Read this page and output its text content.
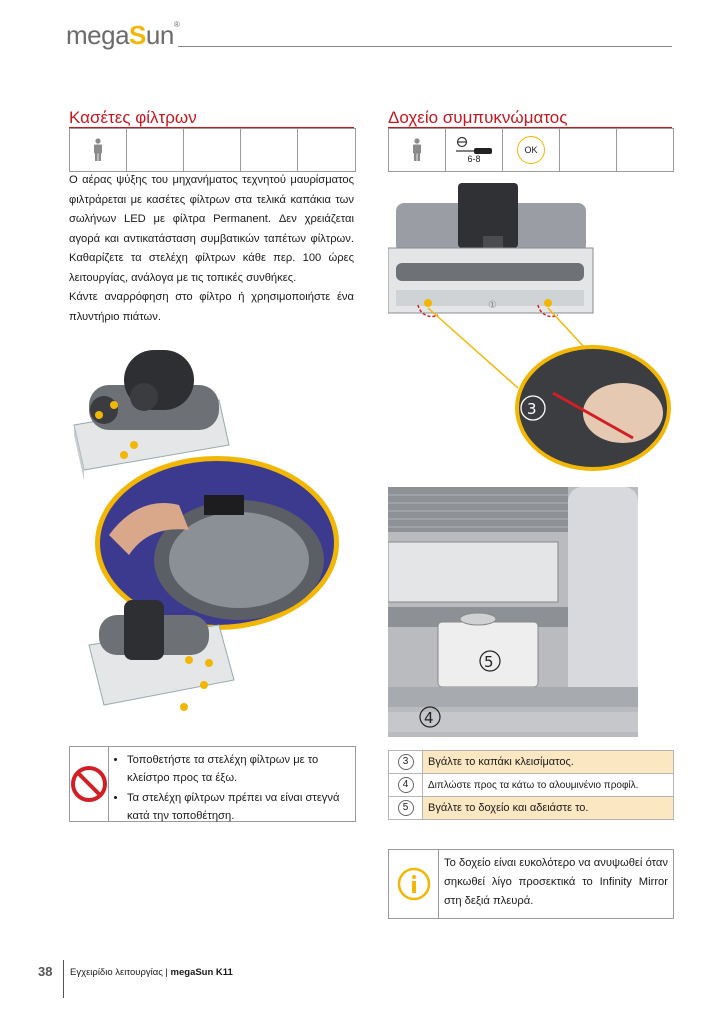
megaSun®
Κασέτες φίλτρων

Ο αέρας ψύξης του μηχανήματος τεχνητού μαυρίσματος φιλτράρεται με κασέτες φίλτρων στα τελικά καπάκια των σωλήνων LED με φίλτρα Permanent. Δεν χρειάζεται αγορά και αντικατάσταση συμβατικών ταπέτων φίλτρων. Καθαρίζετε τα στελέχη φίλτρων κάθε περ. 100 ώρες λειτουργίας, ανάλογα με τις τοπικές συνθήκες.

Κάντε αναρρόφηση στο φίλτρο ή χρησιμοποιήστε ένα πλυντήριο πιάτων.

• Τοποθετήστε τα στελέχη φίλτρων με το κλείστρο προς τα έξω.
• Τα στελέχη φίλτρων πρέπει να είναι στεγνά κατά την τοποθέτηση.
Δοχείο συμπυκνώματος
6-8
OK
①
3
5
4
3	Βγάλτε το καπάκι κλεισίματος.
4	Διπλώστε προς τα κάτω το αλουμινένιο προφίλ.
5	Βγάλτε το δοχείο και αδειάστε το.
Το δοχείο είναι ευκολότερο να ανυψωθεί όταν σηκωθεί λίγο προσεκτικά το Infinity Mirror στη δεξιά πλευρά.
38 Εγχειρίδιο λειτουργίας | megaSun K11
